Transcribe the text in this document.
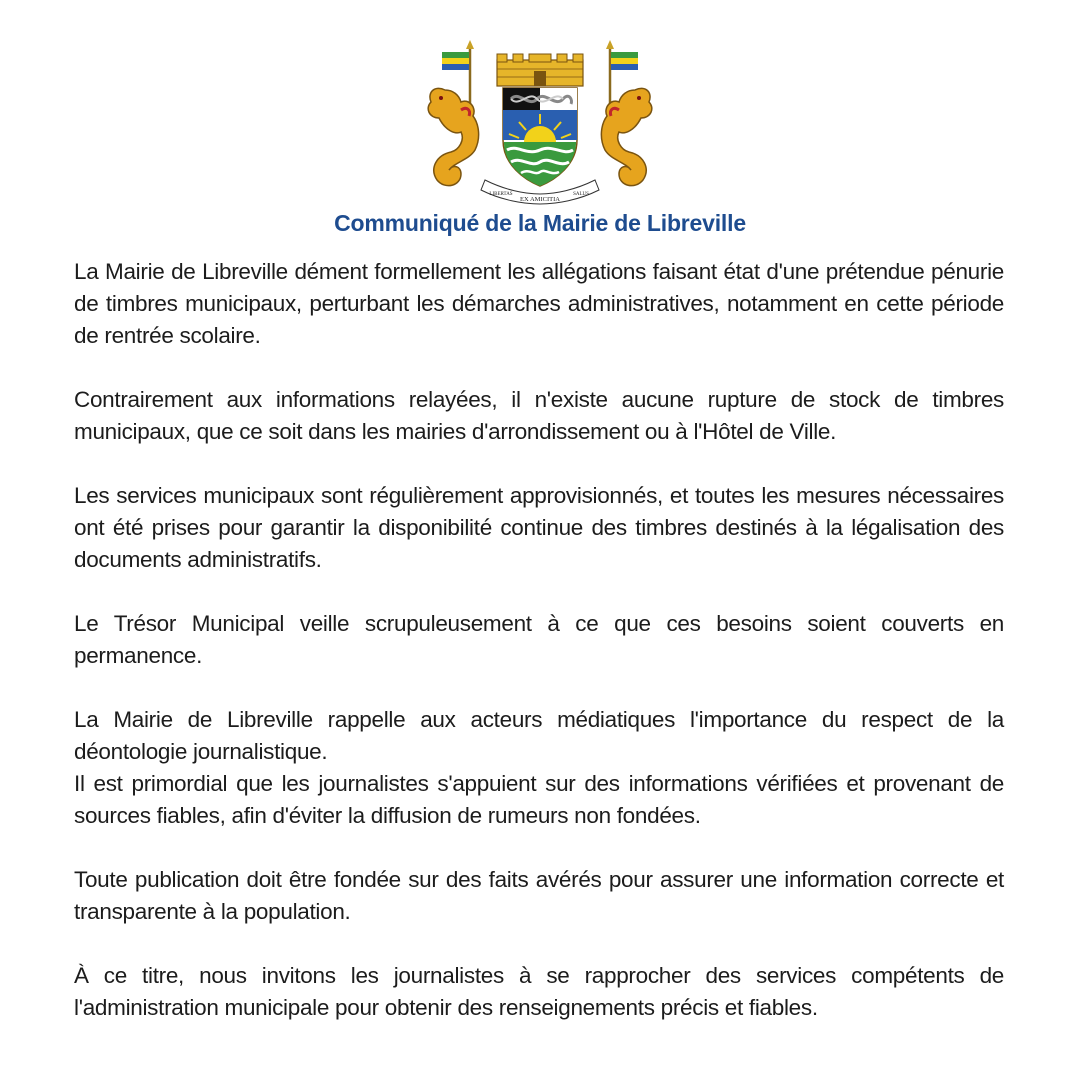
EX AMICITIA
LIBERTAS	SALUS
Communiqué de la Mairie de Libreville

La Mairie de Libreville dément formellement les allégations faisant état d'une prétendue pénurie de timbres municipaux, perturbant les démarches administratives, notamment en cette période de rentrée scolaire.

Contrairement aux informations relayées, il n'existe aucune rupture de stock de timbres municipaux, que ce soit dans les mairies d'arrondissement ou à l'Hôtel de Ville.

Les services municipaux sont régulièrement approvisionnés, et toutes les mesures nécessaires ont été prises pour garantir la disponibilité continue des timbres destinés à la légalisation des documents administratifs.

Le Trésor Municipal veille scrupuleusement à ce que ces besoins soient couverts en permanence.

La Mairie de Libreville rappelle aux acteurs médiatiques l'importance du respect de la déontologie journalistique.

Il est primordial que les journalistes s'appuient sur des informations vérifiées et provenant de sources fiables, afin d'éviter la diffusion de rumeurs non fondées.

Toute publication doit être fondée sur des faits avérés pour assurer une information correcte et transparente à la population.

À ce titre, nous invitons les journalistes à se rapprocher des services compétents de l'administration municipale pour obtenir des renseignements précis et fiables.
